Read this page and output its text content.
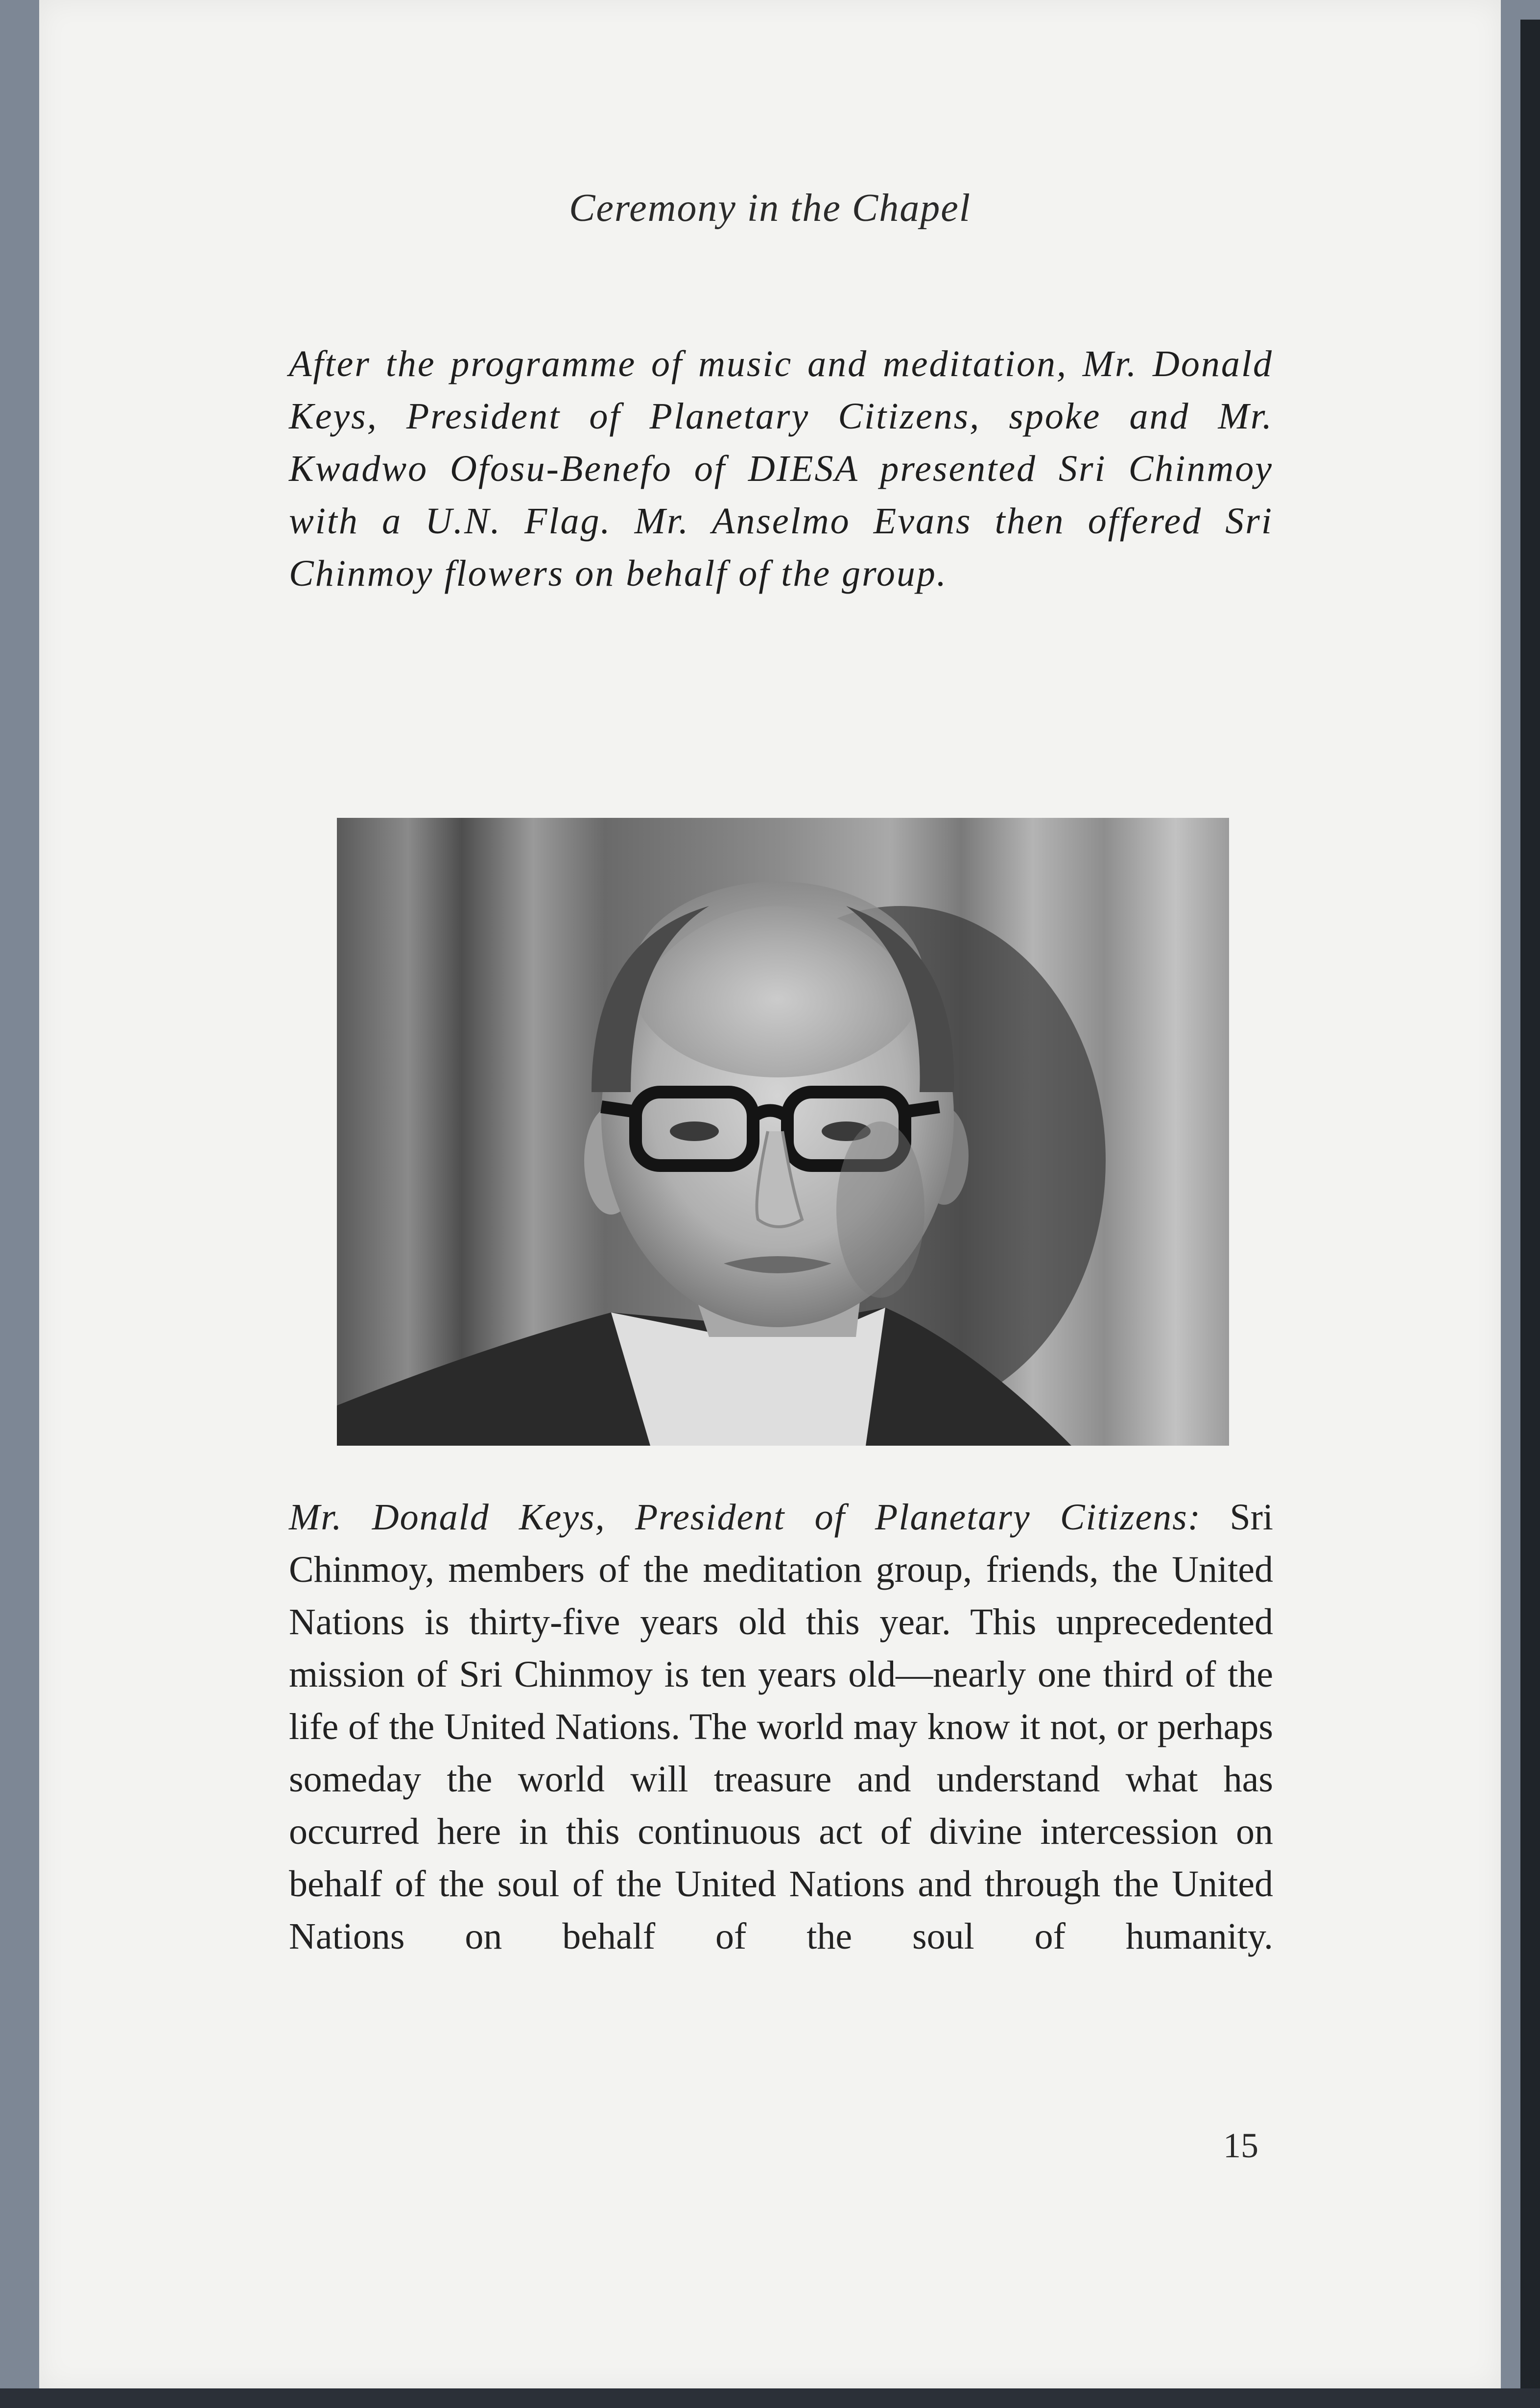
Ceremony in the Chapel

After the programme of music and meditation, Mr. Donald Keys, President of Planetary Citizens, spoke and Mr. Kwadwo Ofosu-Benefo of DIESA presented Sri Chinmoy with a U.N. Flag. Mr. Anselmo Evans then offered Sri Chinmoy flowers on behalf of the group.

Mr. Donald Keys, President of Planetary Citizens: Sri Chinmoy, members of the meditation group, friends, the United Nations is thirty-five years old this year. This unprecedented mission of Sri Chinmoy is ten years old—nearly one third of the life of the United Nations. The world may know it not, or perhaps someday the world will treasure and understand what has occurred here in this continuous act of divine intercession on behalf of the soul of the United Nations and through the United Nations on behalf of the soul of humanity.

15
